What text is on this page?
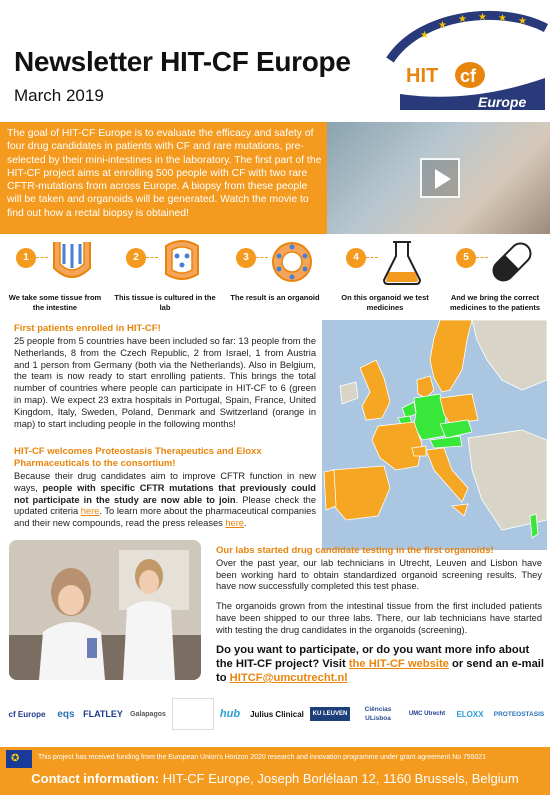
Newsletter HIT-CF Europe
March 2019
★
★
★ ★ ★ ★
HIT cf
Europe
The goal of HIT-CF Europe is to evaluate the efficacy and safety of four drug candidates in patients with CF and rare mutations, pre-selected by their mini-intestines in the laboratory. The first part of the HIT-CF project aims at enrolling 500 people with CF with two rare CFTR-mutations from across Europe. A biopsy from these people will be taken and organoids will be generated. Watch the movie to find out how a rectal biopsy is obtained!
1
We take some tissue from the intestine
2
This tissue is cultured in the lab
3
The result is an organoid
4
On this organoid we test medicines
5
And we bring the correct medicines to the patients
First patients enrolled in HIT-CF!

25 people from 5 countries have been included so far: 13 people from the Netherlands, 8 from the Czech Republic, 2 from Israel, 1 from Austria and 1 person from Germany (both via the Netherlands). Also in Belgium, the team is now ready to start enrolling patients. This brings the total number of countries where people can participate in HIT-CF to 6 (green in map). We expect 23 extra hospitals in Portugal, Spain, France, United Kingdom, Italy, Sweden, Poland, Denmark and Switzerland (orange in map) to start including people in the following months!

HIT-CF welcomes Proteostasis Therapeutics and Eloxx Pharmaceuticals to the consortium!

Because their drug candidates aim to improve CFTR function in new ways, people with specific CFTR mutations that previously could not participate in the study are now able to join. Please check the updated criteria here. To learn more about the pharmaceutical companies and their new compounds, read the press releases here.

Our labs started drug candidate testing in the first organoids!

Over the past year, our lab technicians in Utrecht, Leuven and Lisbon have been working hard to obtain standardized organoid screening results. They have now successfully completed this test phase.

The organoids grown from the intestinal tissue from the first included patients have been shipped to our three labs. There, our lab technicians have started with testing the drug candidates in the organoids (screening).

Do you want to participate, or do you want more info about the HIT-CF project? Visit the HIT-CF website or send an e-mail to HITCF@umcutrecht.nl
cf Europe eqs FLATLEY Galapagos	hub Julius Clinical KU LEUVEN
Ciências ULisboa
UMC Utrecht ELOXX PROTEOSTASIS
✪	This project has received funding from the European Union's Horizon 2020 research and innovation programme under grant agreement No 755021
Contact information: HIT-CF Europe, Joseph Borlélaan 12, 1160 Brussels, Belgium
